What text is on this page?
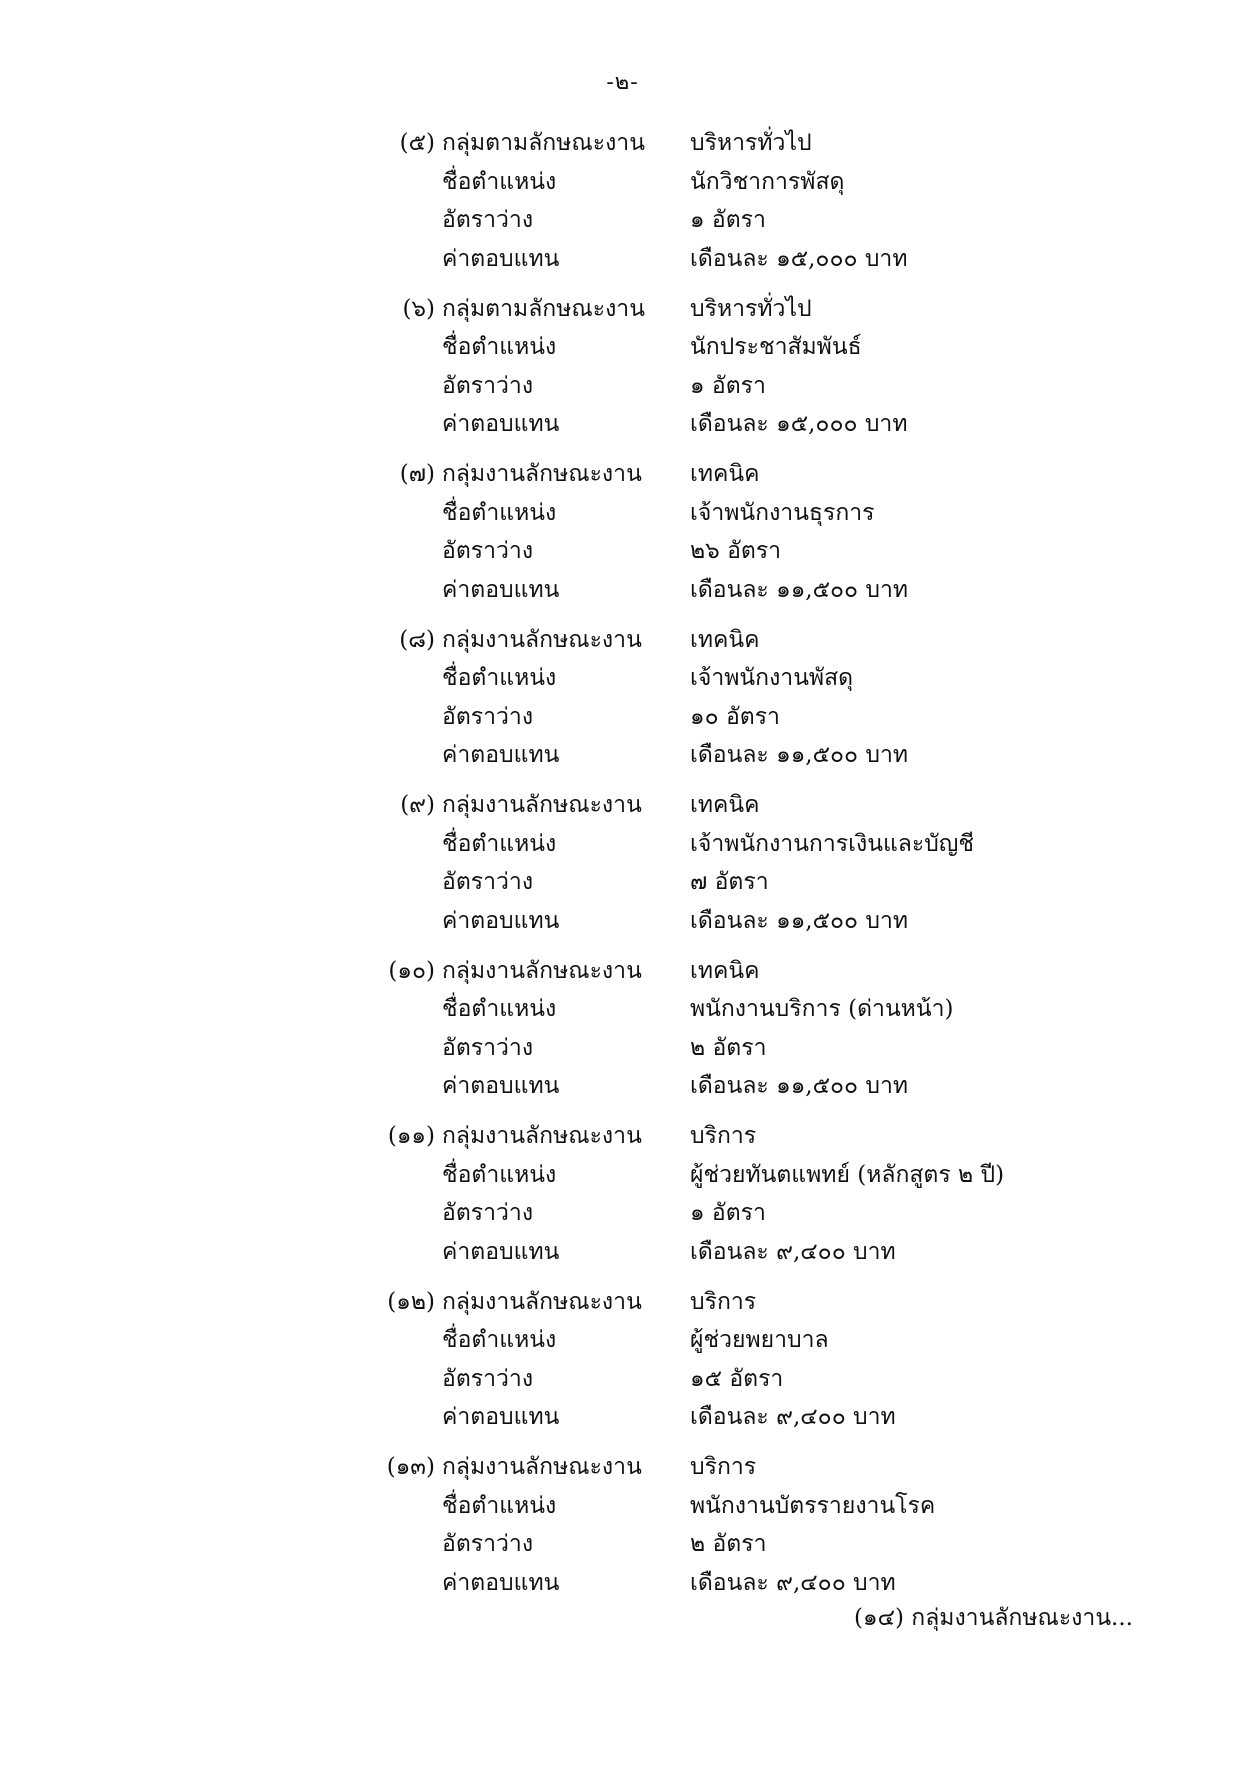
-๒-
(๕) กลุ่มตามลักษณะงาน บริหารทั่วไป
ชื่อตำแหน่ง	นักวิชาการพัสดุ
อัตราว่าง	๑ อัตรา
ค่าตอบแทน	เดือนละ ๑๕,๐๐๐ บาท
(๖) กลุ่มตามลักษณะงาน บริหารทั่วไป
ชื่อตำแหน่ง	นักประชาสัมพันธ์
อัตราว่าง	๑ อัตรา
ค่าตอบแทน	เดือนละ ๑๕,๐๐๐ บาท
(๗) กลุ่มงานลักษณะงาน เทคนิค
ชื่อตำแหน่ง	เจ้าพนักงานธุรการ
อัตราว่าง	๒๖ อัตรา
ค่าตอบแทน	เดือนละ ๑๑,๕๐๐ บาท
(๘) กลุ่มงานลักษณะงาน เทคนิค
ชื่อตำแหน่ง	เจ้าพนักงานพัสดุ
อัตราว่าง	๑๐ อัตรา
ค่าตอบแทน	เดือนละ ๑๑,๕๐๐ บาท
(๙) กลุ่มงานลักษณะงาน เทคนิค
ชื่อตำแหน่ง	เจ้าพนักงานการเงินและบัญชี
อัตราว่าง	๗ อัตรา
ค่าตอบแทน	เดือนละ ๑๑,๕๐๐ บาท
(๑๐) กลุ่มงานลักษณะงาน เทคนิค
ชื่อตำแหน่ง	พนักงานบริการ (ด่านหน้า)
อัตราว่าง	๒ อัตรา
ค่าตอบแทน	เดือนละ ๑๑,๕๐๐ บาท
(๑๑) กลุ่มงานลักษณะงาน บริการ
ชื่อตำแหน่ง	ผู้ช่วยทันตแพทย์ (หลักสูตร ๒ ปี)
อัตราว่าง	๑ อัตรา
ค่าตอบแทน	เดือนละ ๙,๔๐๐ บาท
(๑๒) กลุ่มงานลักษณะงาน บริการ
ชื่อตำแหน่ง	ผู้ช่วยพยาบาล
อัตราว่าง	๑๕ อัตรา
ค่าตอบแทน	เดือนละ ๙,๔๐๐ บาท
(๑๓) กลุ่มงานลักษณะงาน บริการ
ชื่อตำแหน่ง	พนักงานบัตรรายงานโรค
อัตราว่าง	๒ อัตรา
ค่าตอบแทน	เดือนละ ๙,๔๐๐ บาท
(๑๔) กลุ่มงานลักษณะงาน...
